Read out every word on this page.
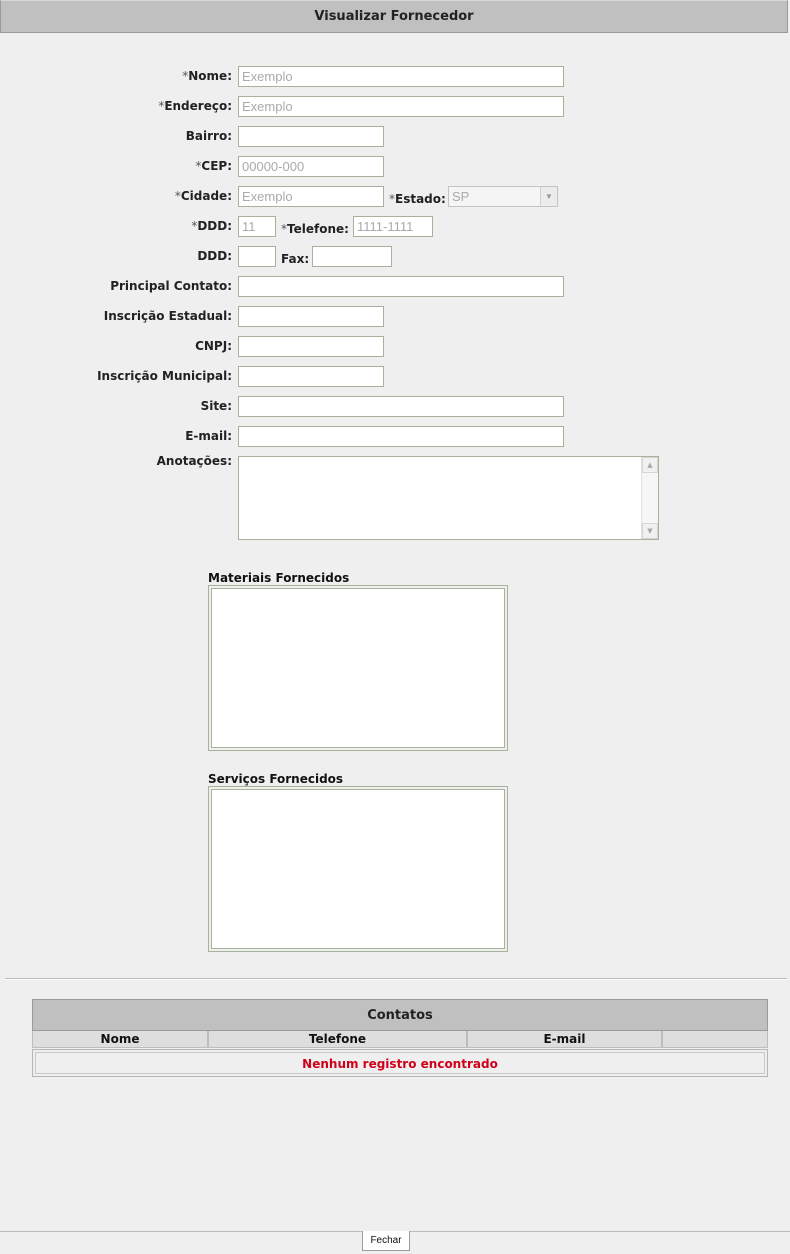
Visualizar Fornecedor
*Nome: Exemplo
*Endereço: Exemplo
Bairro:
*CEP: 00000-000
*Cidade: Exemplo	*Estado: SP	▼
*DDD: 11	*Telefone: 1111-1111
DDD:	Fax:
Principal Contato:
Inscrição Estadual:
CNPJ:
Inscrição Municipal:
Site:
E-mail:
Anotações:	▲
▼
Materiais Fornecidos
Serviços Fornecidos
Contatos
Nome	Telefone	E-mail
Nenhum registro encontrado
Fechar
